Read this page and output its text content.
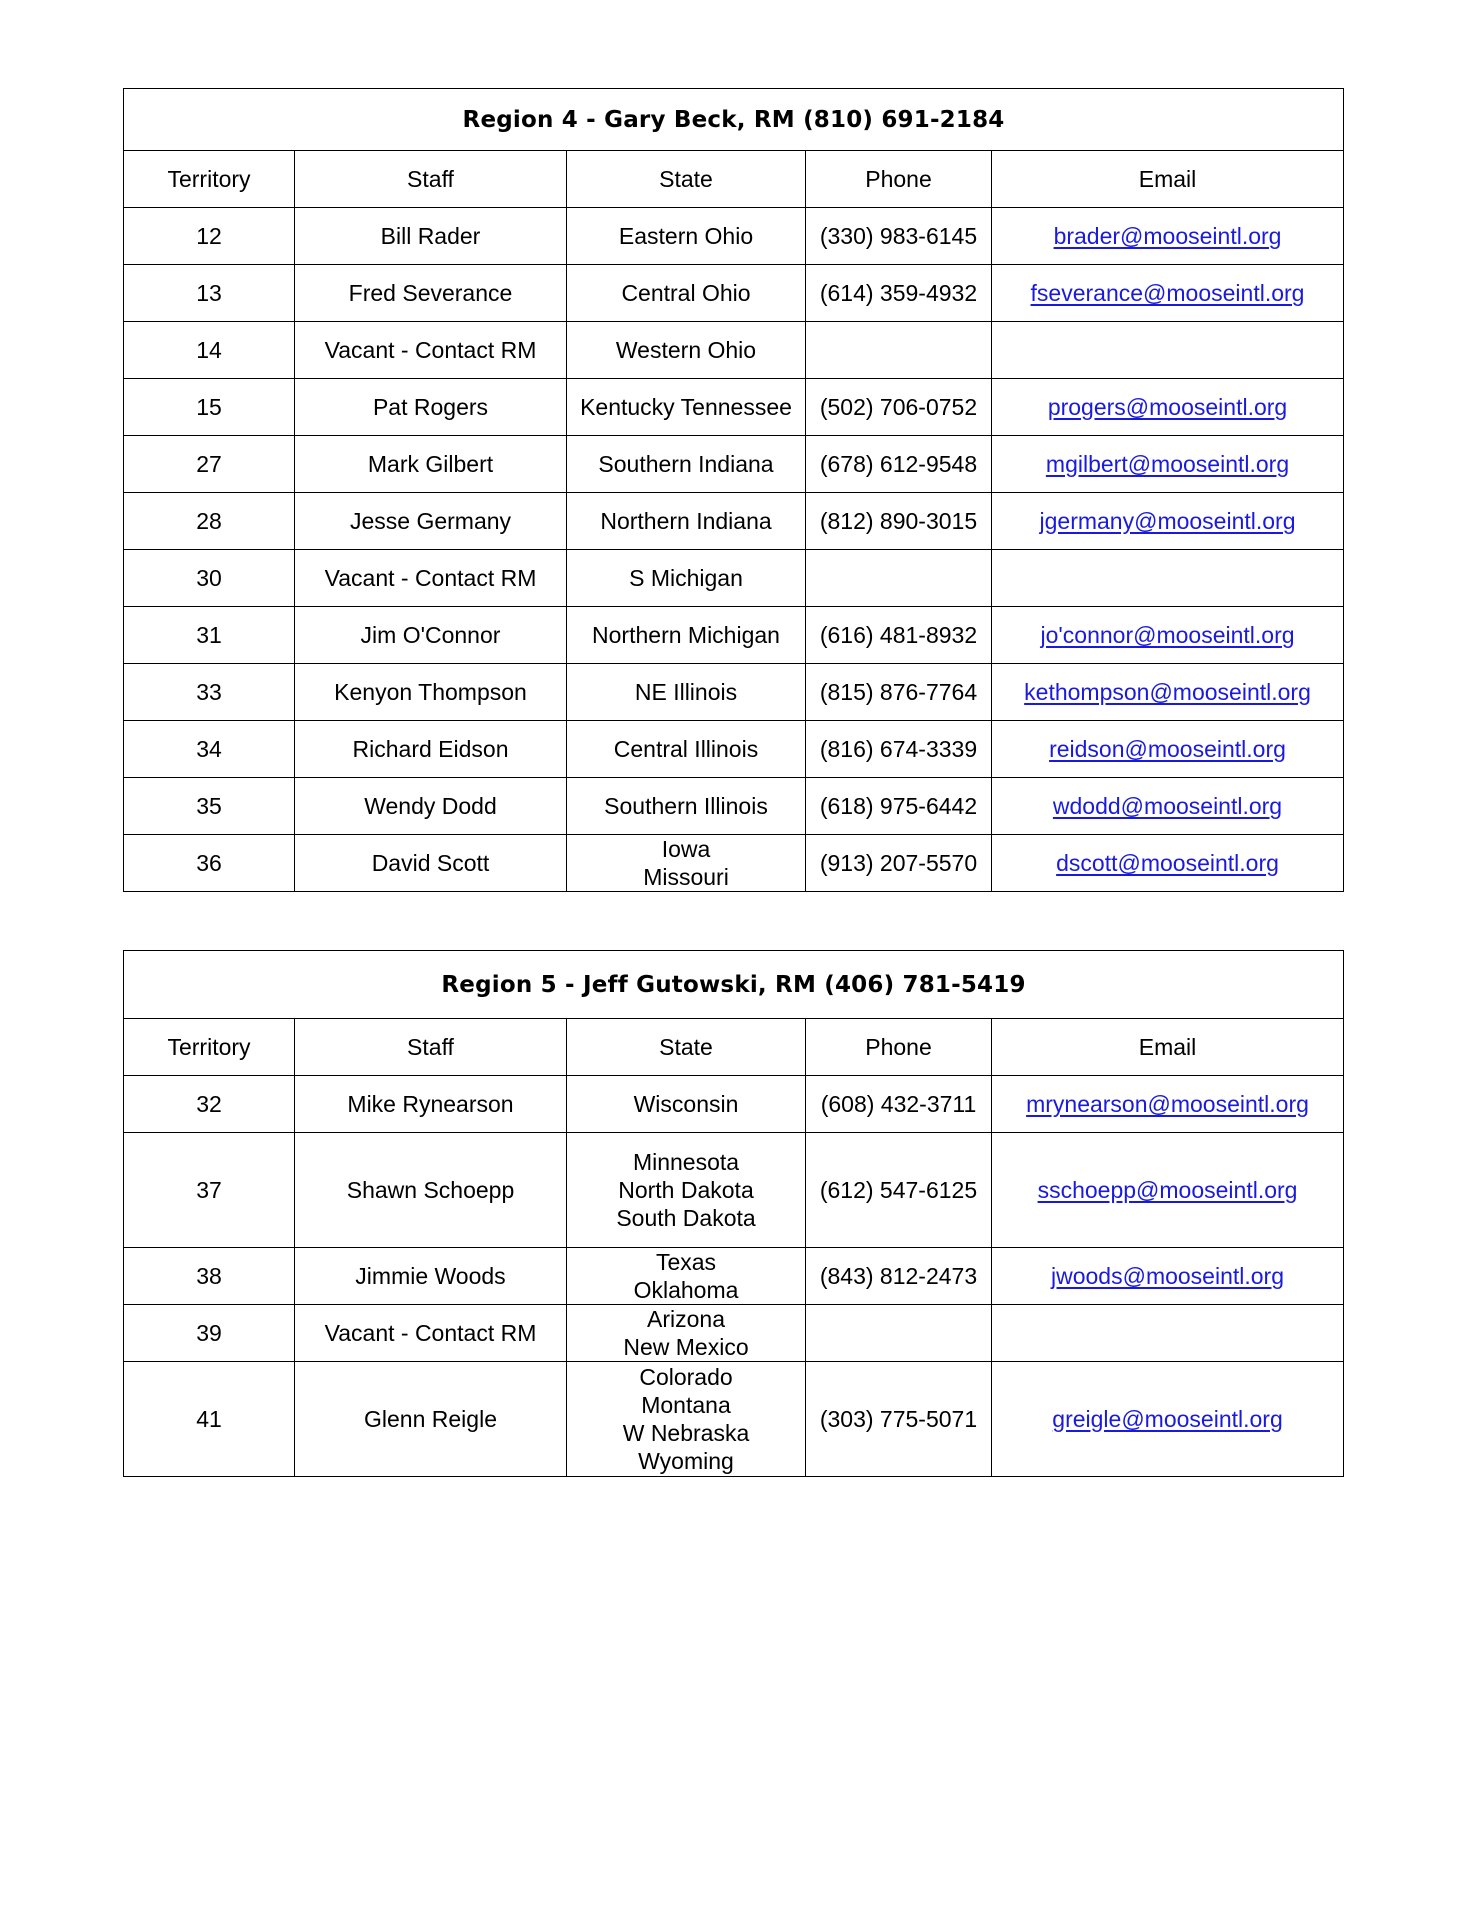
Region 4 - Gary Beck, RM (810) 691-2184				
Territory	Staff	State	Phone	Email
12	Bill Rader	Eastern Ohio	(330) 983-6145	brader@mooseintl.org
13	Fred Severance	Central Ohio	(614) 359-4932	fseverance@mooseintl.org
14	Vacant - Contact RM	Western Ohio		

15	Pat Rogers	Kentucky Tennessee	(502) 706-0752	progers@mooseintl.org
27	Mark Gilbert	Southern Indiana	(678) 612-9548	mgilbert@mooseintl.org
28	Jesse Germany	Northern Indiana	(812) 890-3015	jgermany@mooseintl.org
30	Vacant - Contact RM	S Michigan		

31	Jim O'Connor	Northern Michigan	(616) 481-8932	jo'connor@mooseintl.org
33	Kenyon Thompson	NE Illinois	(815) 876-7764	kethompson@mooseintl.org
34	Richard Eidson	Central Illinois	(816) 674-3339	reidson@mooseintl.org
35	Wendy Dodd	Southern Illinois	(618) 975-6442	wdodd@mooseintl.org
36	David Scott	Iowa
Missouri	(913) 207-5570	dscott@mooseintl.org
Region 5 - Jeff Gutowski, RM (406) 781-5419				
Territory	Staff	State	Phone	Email
32	Mike Rynearson	Wisconsin	(608) 432-3711	mrynearson@mooseintl.org
37	Shawn Schoepp	Minnesota
North Dakota
South Dakota	(612) 547-6125	sschoepp@mooseintl.org
38	Jimmie Woods	Texas
Oklahoma	(843) 812-2473	jwoods@mooseintl.org
39	Vacant - Contact RM	Arizona
New Mexico		

41	Glenn Reigle	Colorado
Montana
W Nebraska
Wyoming	(303) 775-5071	greigle@mooseintl.org
